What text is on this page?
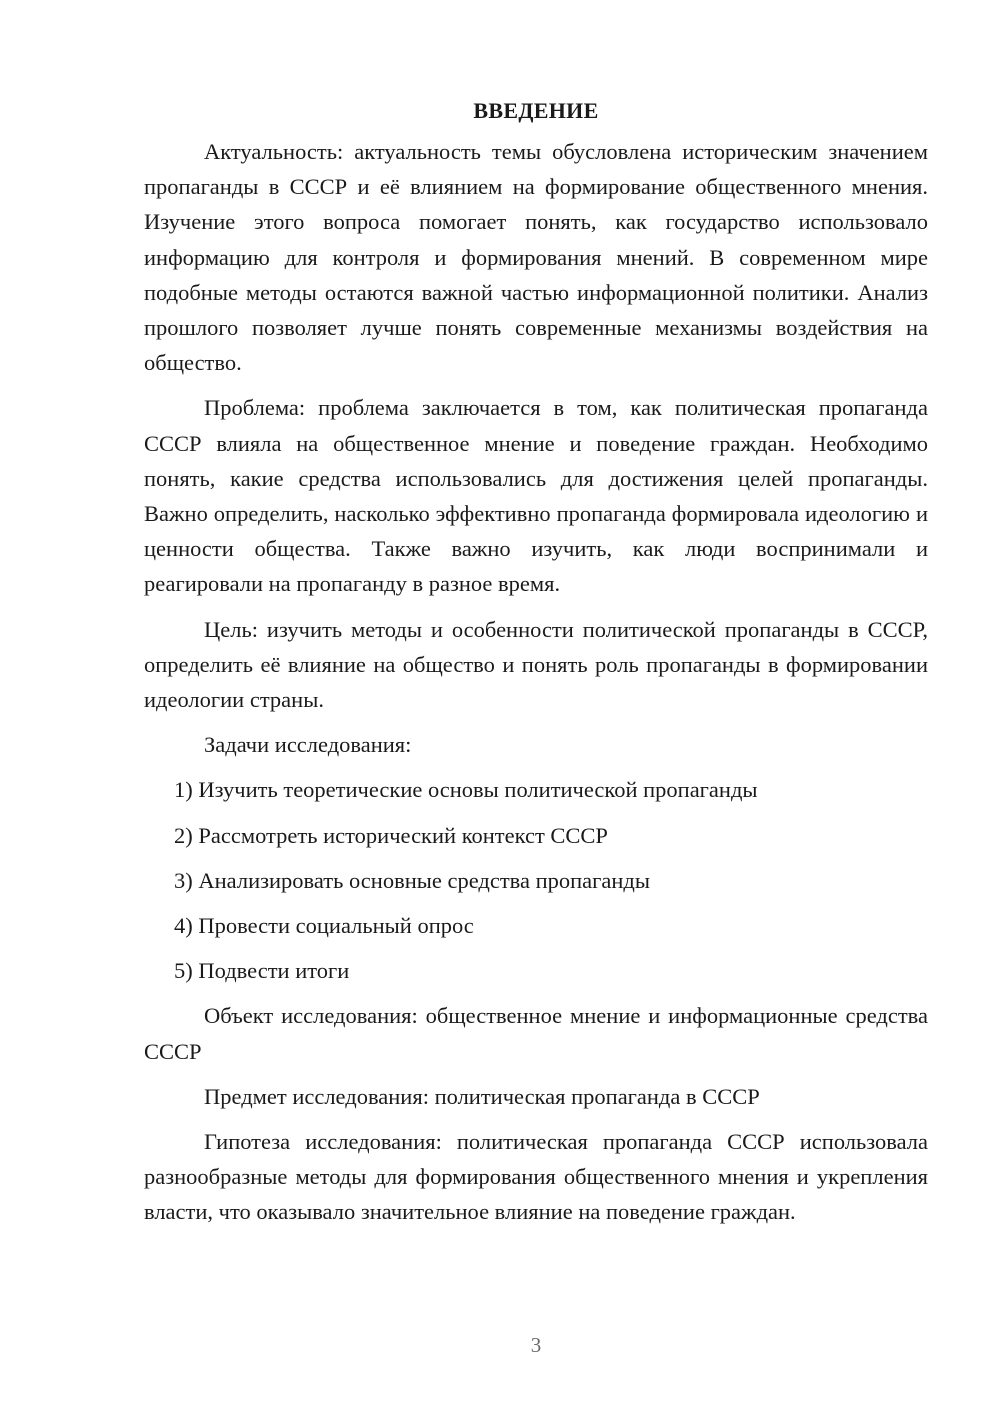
ВВЕДЕНИЕ

Актуальность: актуальность темы обусловлена историческим значением пропаганды в СССР и её влиянием на формирование общественного мнения. Изучение этого вопроса помогает понять, как государство использовало информацию для контроля и формирования мнений. В современном мире подобные методы остаются важной частью информационной политики. Анализ прошлого позволяет лучше понять современные механизмы воздействия на общество.

Проблема: проблема заключается в том, как политическая пропаганда СССР влияла на общественное мнение и поведение граждан. Необходимо понять, какие средства использовались для достижения целей пропаганды. Важно определить, насколько эффективно пропаганда формировала идеологию и ценности общества. Также важно изучить, как люди воспринимали и реагировали на пропаганду в разное время.

Цель: изучить методы и особенности политической пропаганды в СССР, определить её влияние на общество и понять роль пропаганды в формировании идеологии страны.

Задачи исследования:

1) Изучить теоретические основы политической пропаганды
2) Рассмотреть исторический контекст СССР
3) Анализировать основные средства пропаганды
4) Провести социальный опрос
5) Подвести итоги

Объект исследования: общественное мнение и информационные средства СССР

Предмет исследования: политическая пропаганда в СССР

Гипотеза исследования: политическая пропаганда СССР использовала разнообразные методы для формирования общественного мнения и укрепления власти, что оказывало значительное влияние на поведение граждан.

3
